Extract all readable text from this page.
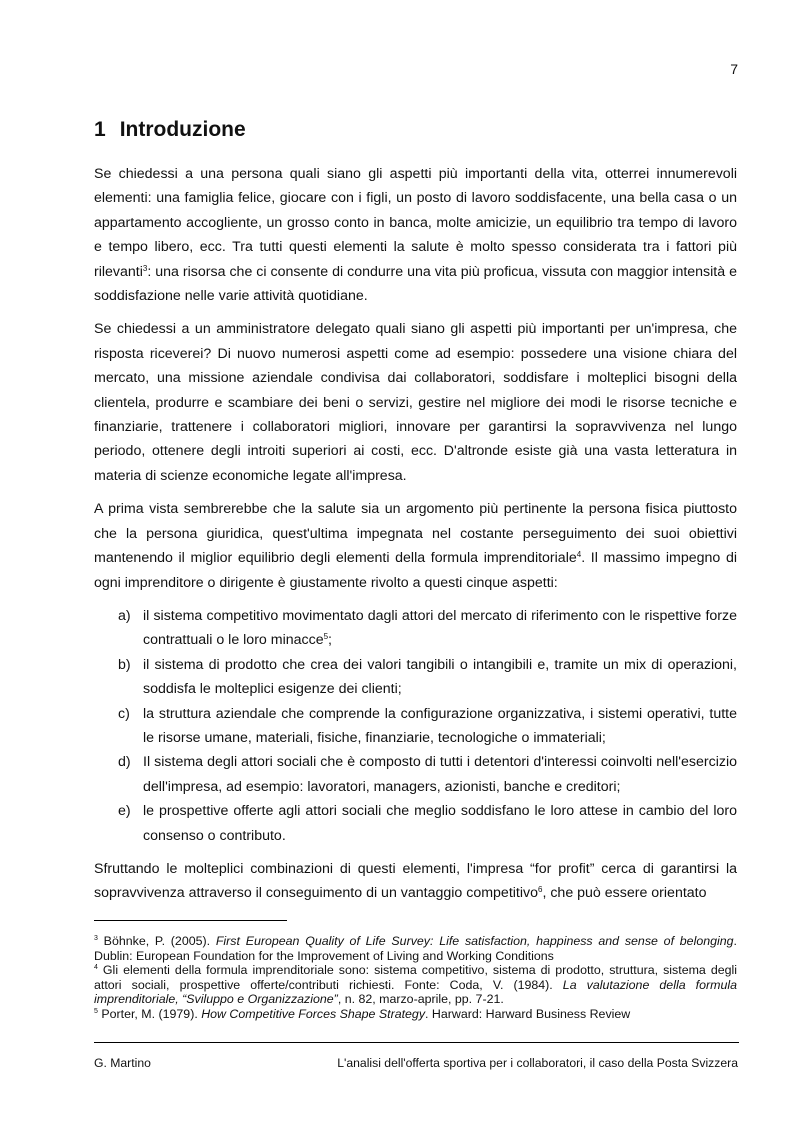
7
1 Introduzione

Se chiedessi a una persona quali siano gli aspetti più importanti della vita, otterrei innumerevoli elementi: una famiglia felice, giocare con i figli, un posto di lavoro soddisfacente, una bella casa o un appartamento accogliente, un grosso conto in banca, molte amicizie, un equilibrio tra tempo di lavoro e tempo libero, ecc. Tra tutti questi elementi la salute è molto spesso considerata tra i fattori più rilevanti$^3$: una risorsa che ci consente di condurre una vita più proficua, vissuta con maggior intensità e soddisfazione nelle varie attività quotidiane.

Se chiedessi a un amministratore delegato quali siano gli aspetti più importanti per un'impresa, che risposta riceverei? Di nuovo numerosi aspetti come ad esempio: possedere una visione chiara del mercato, una missione aziendale condivisa dai collaboratori, soddisfare i molteplici bisogni della clientela, produrre e scambiare dei beni o servizi, gestire nel migliore dei modi le risorse tecniche e finanziarie, trattenere i collaboratori migliori, innovare per garantirsi la sopravvivenza nel lungo periodo, ottenere degli introiti superiori ai costi, ecc. D'altronde esiste già una vasta letteratura in materia di scienze economiche legate all'impresa.

A prima vista sembrerebbe che la salute sia un argomento più pertinente la persona fisica piuttosto che la persona giuridica, quest'ultima impegnata nel costante perseguimento dei suoi obiettivi mantenendo il miglior equilibrio degli elementi della formula imprenditoriale$^4$. Il massimo impegno di ogni imprenditore o dirigente è giustamente rivolto a questi cinque aspetti:

a) il sistema competitivo movimentato dagli attori del mercato di riferimento con le rispettive forze contrattuali o le loro minacce$^5$;
b) il sistema di prodotto che crea dei valori tangibili o intangibili e, tramite un mix di operazioni, soddisfa le molteplici esigenze dei clienti;
c) la struttura aziendale che comprende la configurazione organizzativa, i sistemi operativi, tutte le risorse umane, materiali, fisiche, finanziarie, tecnologiche o immateriali;
d) Il sistema degli attori sociali che è composto di tutti i detentori d'interessi coinvolti nell'esercizio dell'impresa, ad esempio: lavoratori, managers, azionisti, banche e creditori;
e) le prospettive offerte agli attori sociali che meglio soddisfano le loro attese in cambio del loro consenso o contributo.

Sfruttando le molteplici combinazioni di questi elementi, l'impresa “for profit” cerca di garantirsi la sopravvivenza attraverso il conseguimento di un vantaggio competitivo$^6$, che può essere orientato

$^3$ Böhnke, P. (2005). First European Quality of Life Survey: Life satisfaction, happiness and sense of belonging. Dublin: European Foundation for the Improvement of Living and Working Conditions

$^4$ Gli elementi della formula imprenditoriale sono: sistema competitivo, sistema di prodotto, struttura, sistema degli attori sociali, prospettive offerte/contributi richiesti. Fonte: Coda, V. (1984). La valutazione della formula imprenditoriale, “Sviluppo e Organizzazione”, n. 82, marzo-aprile, pp. 7-21.

$^5$ Porter, M. (1979). How Competitive Forces Shape Strategy. Harward: Harward Business Review

G. Martino	L'analisi dell'offerta sportiva per i collaboratori, il caso della Posta Svizzera
